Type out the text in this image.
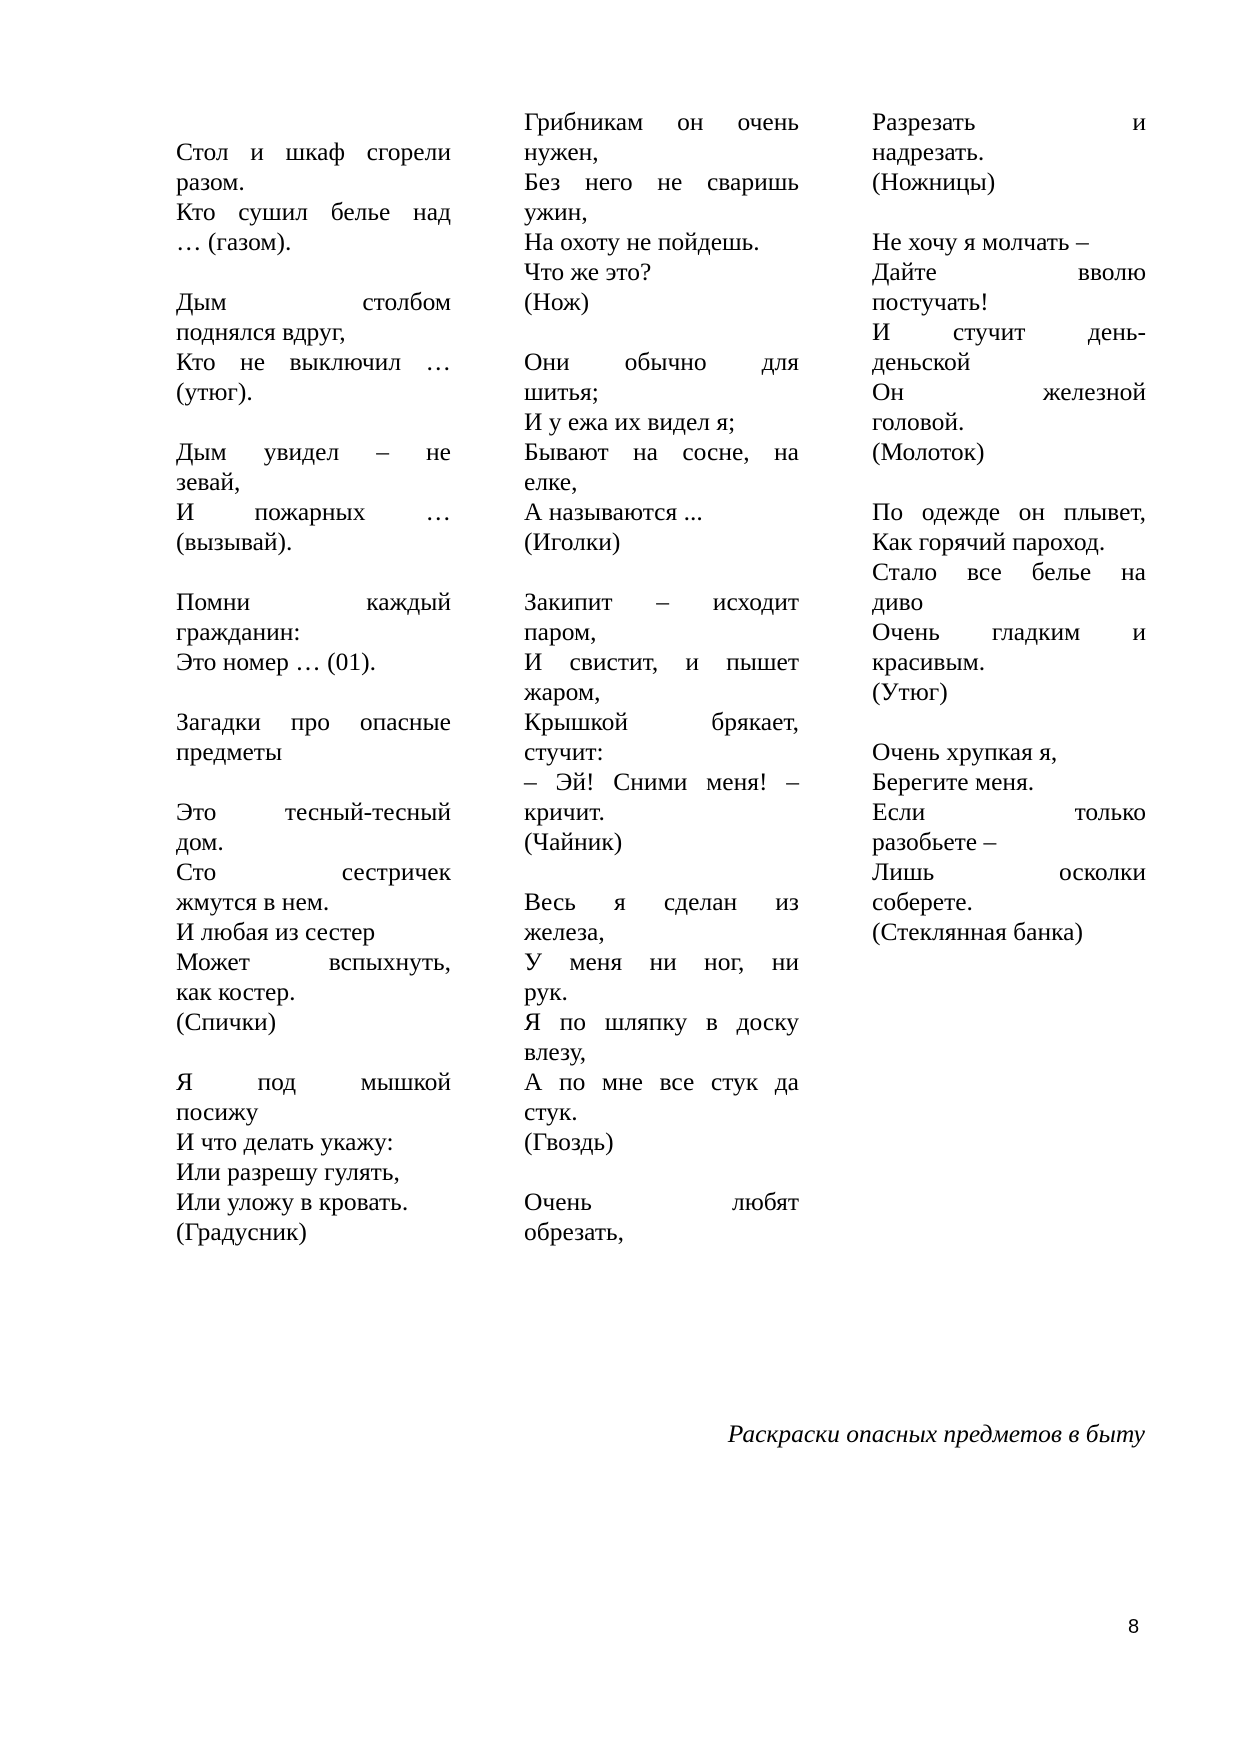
Стол и шкаф сгорели
разом.
Кто сушил белье над
… (газом).
Дым столбом
поднялся вдруг,
Кто не выключил …
(утюг).
Дым увидел – не
зевай,
И пожарных …
(вызывай).
Помни каждый
гражданин:
Это номер … (01).
Загадки про опасные
предметы
Это тесный-тесный
дом.
Сто сестричек
жмутся в нем.
И любая из сестер
Может вспыхнуть,
как костер.
(Спички)
Я под мышкой
посижу
И что делать укажу:
Или разрешу гулять,
Или уложу в кровать.
(Градусник)
Грибникам он очень
нужен,
Без него не сваришь
ужин,
На охоту не пойдешь.
Что же это?
(Нож)
Они обычно для
шитья;
И у ежа их видел я;
Бывают на сосне, на
елке,
А называются ...
(Иголки)
Закипит – исходит
паром,
И свистит, и пышет
жаром,
Крышкой брякает,
стучит:
– Эй! Сними меня! –
кричит.
(Чайник)
Весь я сделан из
железа,
У меня ни ног, ни
рук.
Я по шляпку в доску
влезу,
А по мне все стук да
стук.
(Гвоздь)
Очень любят
обрезать,
Разрезать и
надрезать.
(Ножницы)
Не хочу я молчать –
Дайте вволю
постучать!
И стучит день-
деньской
Он железной
головой.
(Молоток)
По одежде он плывет,
Как горячий пароход.
Стало все белье на
диво
Очень гладким и
красивым.
(Утюг)
Очень хрупкая я,
Берегите меня.
Если только
разобьете –
Лишь осколки
соберете.
(Стеклянная банка)
Раскраски опасных предметов в быту
8
